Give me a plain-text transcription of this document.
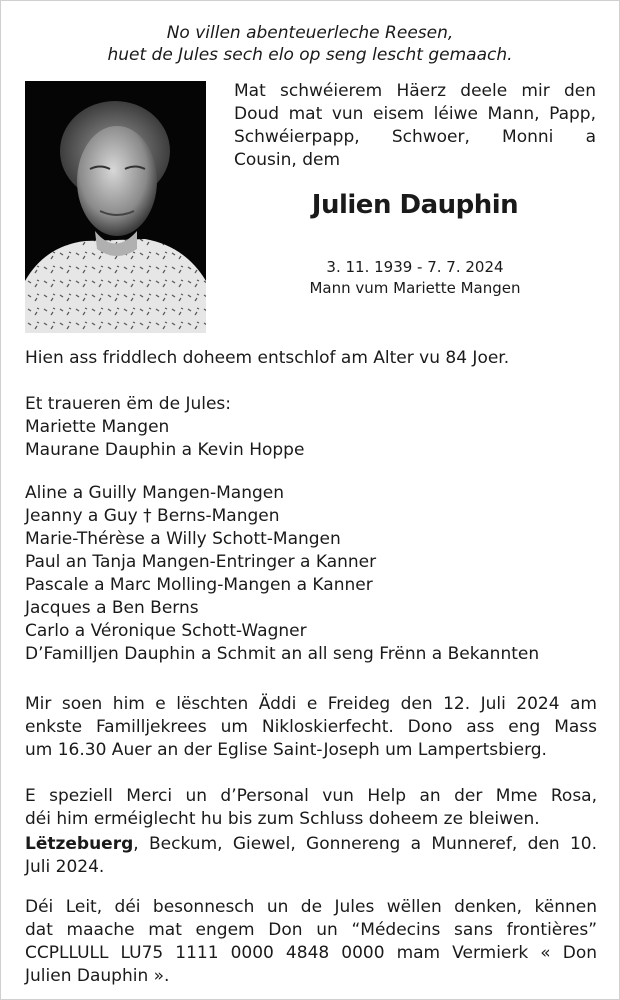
No villen abenteuerleche Reesen,
huet de Jules sech elo op seng lescht gemaach.
Mat schwéierem Häerz deele mir den
Doud mat vun eisem léiwe Mann, Papp,
Schwéierpapp, Schwoer, Monni a
Cousin, dem
Julien Dauphin
3. 11. 1939 - 7. 7. 2024
Mann vum Mariette Mangen
Hien ass friddlech doheem entschlof am Alter vu 84 Joer.
Et traueren ëm de Jules:
Mariette Mangen
Maurane Dauphin a Kevin Hoppe
Aline a Guilly Mangen-Mangen
Jeanny a Guy † Berns-Mangen
Marie-Thérèse a Willy Schott-Mangen
Paul an Tanja Mangen-Entringer a Kanner
Pascale a Marc Molling-Mangen a Kanner
Jacques a Ben Berns
Carlo a Véronique Schott-Wagner
D’Familljen Dauphin a Schmit an all seng Frënn a Bekannten
Mir soen him e lëschten Äddi e Freideg den 12. Juli 2024 am
enkste Familljekrees um Nikloskierfecht. Dono ass eng Mass
um 16.30 Auer an der Eglise Saint-Joseph um Lampertsbierg.
E speziell Merci un d’Personal vun Help an der Mme Rosa,
déi him erméiglecht hu bis zum Schluss doheem ze bleiwen.
Lëtzebuerg, Beckum, Giewel, Gonnereng a Munneref, den 10.
Juli 2024.
Déi Leit, déi besonnesch un de Jules wëllen denken, kënnen
dat maache mat engem Don un “Médecins sans frontières”
CCPLLULL LU75 1111 0000 4848 0000 mam Vermierk « Don
Julien Dauphin ».
